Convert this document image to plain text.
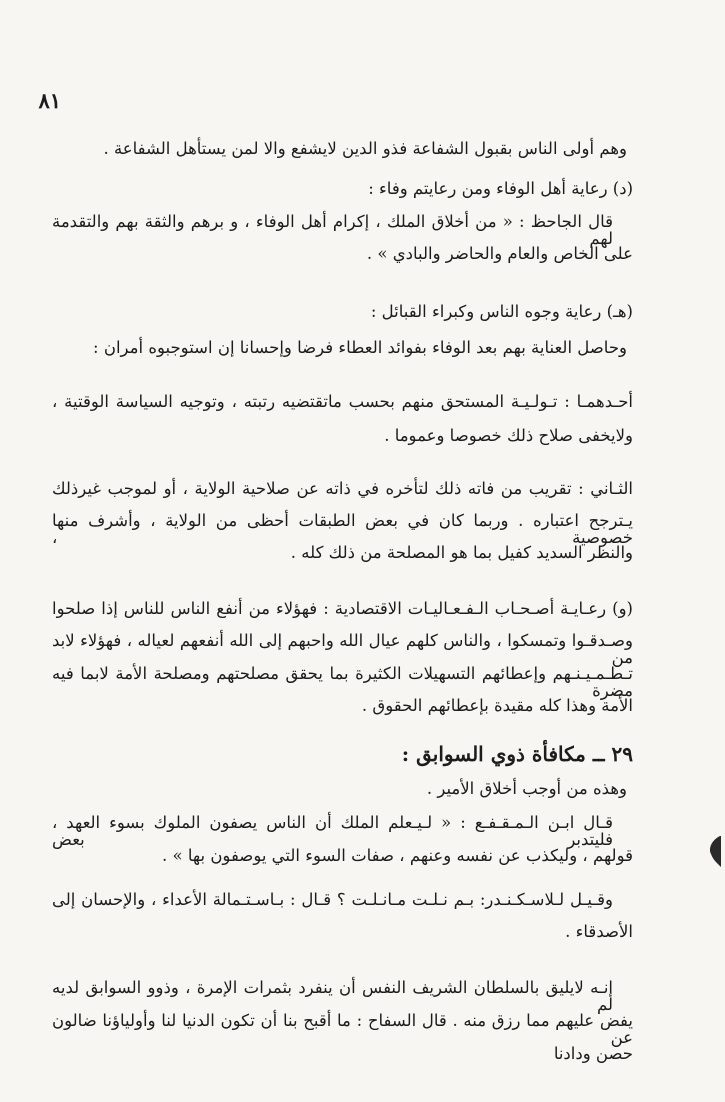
٨١
وهم أولى الناس بقبول الشفاعة فذو الدين لايشفع والا لمن يستأهل الشفاعة .
(د) رعاية أهل الوفاء ومن رعايتم وفاء :
قال الجاحظ : « من أخلاق الملك ، إكرام أهل الوفاء ، و برهم والثقة بهم والتقدمة لهم
على الخاص والعام والحاضر والبادي » .
(هـ) رعاية وجوه الناس وكبراء القبائل :
وحاصل العناية بهم بعد الوفاء بفوائد العطاء فرضا وإحسانا إن استوجبوه أمران :
أحـدهمـا : تـولـيـة المستحق منهم بحسب ماتقتضيه رتبته ، وتوجيه السياسة الوقتية ،
ولايخفى صلاح ذلك خصوصا وعموما .
الثـاني : تقريب من فاته ذلك لتأخره في ذاته عن صلاحية الولاية ، أو لموجب غيرذلك
يـترجح اعتباره . وربما كان في بعض الطبقات أحظى من الولاية ، وأشرف منها خصوصية ،
والنظر السديد كفيل بما هو المصلحة من ذلك كله .
(و) رعـايـة أصـحـاب الـفـعـاليـات الاقتصادية : فهؤلاء من أنفع الناس للناس إذا صلحوا
وصـدقـوا وتمسكوا ، والناس كلهم عيال الله واحبهم إلى الله أنفعهم لعياله ، فهؤلاء لابد من
تـطـمـيـنـهم وإعطائهم التسهيلات الكثيرة بما يحقق مصلحتهم ومصلحة الأمة لابما فيه مضرة
الأمة وهذا كله مقيدة بإعطائهم الحقوق .
٢٩ ــ مكافأة ذوي السوابق :
وهذه من أوجب أخلاق الأمير .
قـال ابـن الـمـقـفـع : « لـيـعلم الملك أن الناس يصفون الملوك بسوء العهد ، فليتدبر بعض
قولهم ، وليكذب عن نفسه وعنهم ، صفات السوء التي يوصفون بها » .
وقـيـل لـلاسـكـنـدر: بـم نـلـت مـانـلـت ؟ قـال : بـاسـتـمالة الأعداء ، والإحسان إلى
الأصدقاء .
إنـه لايليق بالسلطان الشريف النفس أن ينفرد بثمرات الإمرة ، وذوو السوابق لديه لم
يفض عليهم مما رزق منه . قال السفاح : ما أقبح بنا أن تكون الدنيا لنا وأولياؤنا ضالون عن
حصن ودادنا
